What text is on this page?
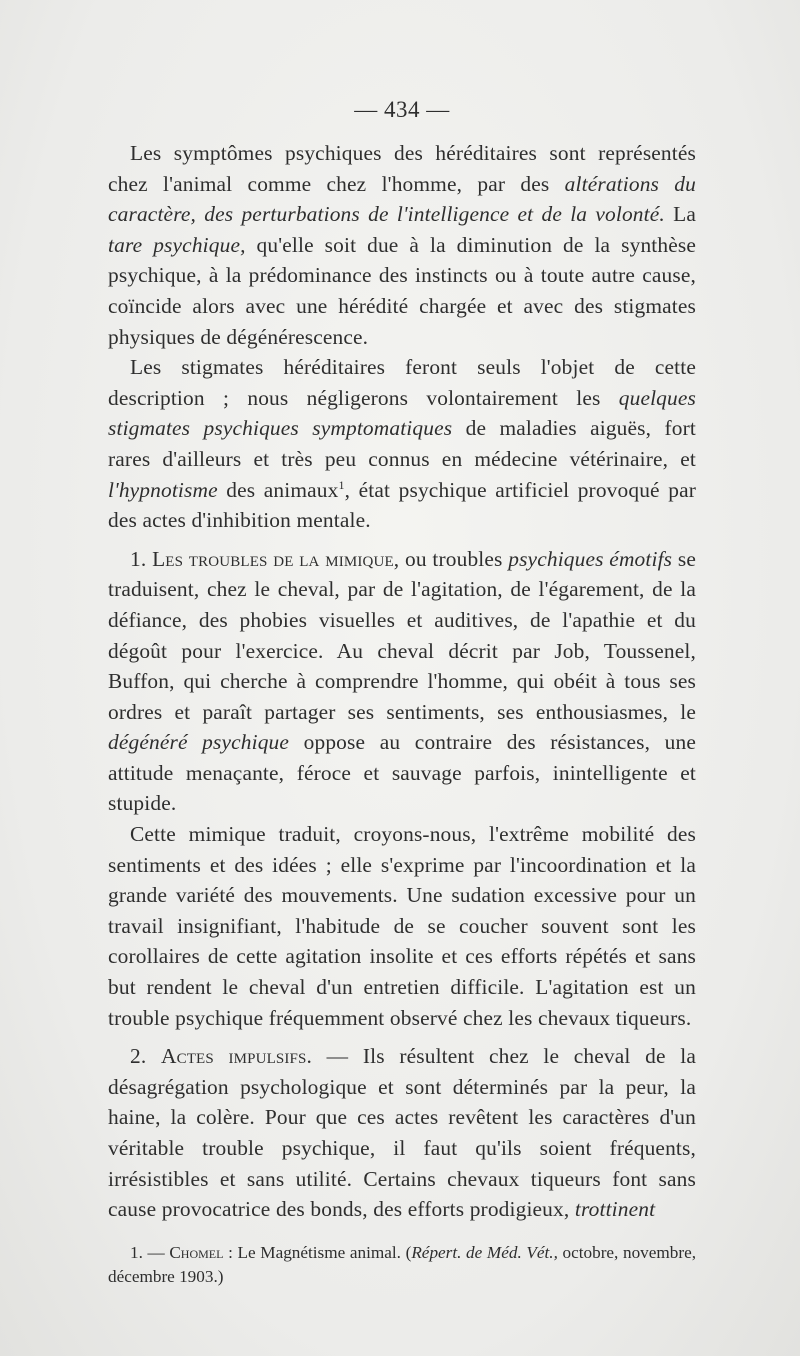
— 434 —

Les symptômes psychiques des héréditaires sont représentés chez l'animal comme chez l'homme, par des altérations du caractère, des perturbations de l'intelligence et de la volonté. La tare psychique, qu'elle soit due à la diminution de la synthèse psychique, à la prédominance des instincts ou à toute autre cause, coïncide alors avec une hérédité chargée et avec des stigmates physiques de dégénérescence.

Les stigmates héréditaires feront seuls l'objet de cette description ; nous négligerons volontairement les quelques stigmates psychiques symptomatiques de maladies aiguës, fort rares d'ailleurs et très peu connus en médecine vétérinaire, et l'hypnotisme des animaux$^1$, état psychique artificiel provoqué par des actes d'inhibition mentale.

1. Les troubles de la mimique, ou troubles psychiques émotifs se traduisent, chez le cheval, par de l'agitation, de l'égarement, de la défiance, des phobies visuelles et auditives, de l'apathie et du dégoût pour l'exercice. Au cheval décrit par Job, Toussenel, Buffon, qui cherche à comprendre l'homme, qui obéit à tous ses ordres et paraît partager ses sentiments, ses enthousiasmes, le dégénéré psychique oppose au contraire des résistances, une attitude menaçante, féroce et sauvage parfois, inintelligente et stupide.

Cette mimique traduit, croyons-nous, l'extrême mobilité des sentiments et des idées ; elle s'exprime par l'incoordination et la grande variété des mouvements. Une sudation excessive pour un travail insignifiant, l'habitude de se coucher souvent sont les corollaires de cette agitation insolite et ces efforts répétés et sans but rendent le cheval d'un entretien difficile. L'agitation est un trouble psychique fréquemment observé chez les chevaux tiqueurs.

2. Actes impulsifs. — Ils résultent chez le cheval de la désagrégation psychologique et sont déterminés par la peur, la haine, la colère. Pour que ces actes revêtent les caractères d'un véritable trouble psychique, il faut qu'ils soient fréquents, irrésistibles et sans utilité. Certains chevaux tiqueurs font sans cause provocatrice des bonds, des efforts prodigieux, trottinent

1. — Chomel : Le Magnétisme animal. (Répert. de Méd. Vét., octobre, novembre, décembre 1903.)
